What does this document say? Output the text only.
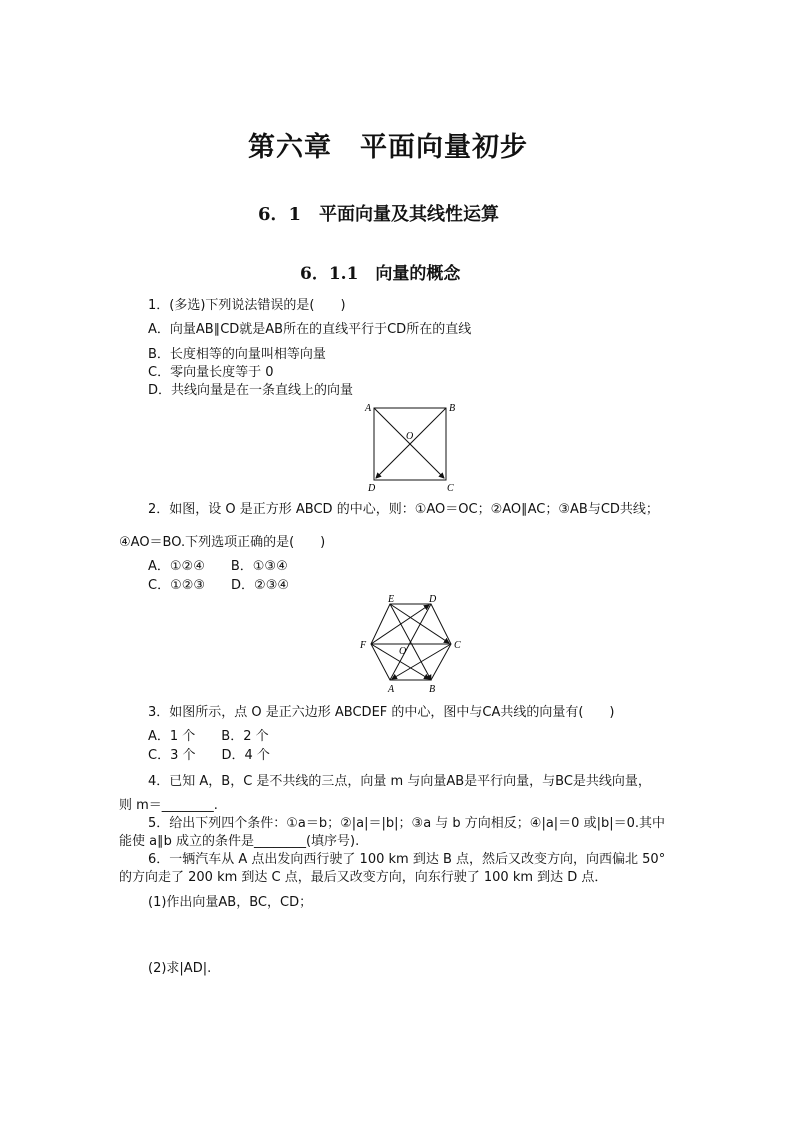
第六章　平面向量初步
6．1　平面向量及其线性运算
6．1.1　向量的概念
1．(多选)下列说法错误的是(　　)
A．向量AB∥CD就是AB所在的直线平行于CD所在的直线
B．长度相等的向量叫相等向量
C．零向量长度等于 0
D．共线向量是在一条直线上的向量
A	B
C
D
O
2．如图，设 O 是正方形 ABCD 的中心，则：①AO＝OC；②AO∥AC；③AB与CD共线；
④AO＝BO.下列选项正确的是(　　)
A．①②④　　B．①③④
C．①②③　　D．②③④
A	B
C
D
E
F
O
3．如图所示，点 O 是正六边形 ABCDEF 的中心，图中与CA共线的向量有(　　)
A．1 个　　B．2 个
C．3 个　　D．4 个
4．已知 A，B，C 是不共线的三点，向量 m 与向量AB是平行向量，与BC是共线向量，
则 m＝________.
5．给出下列四个条件：①a＝b；②|a|＝|b|；③a 与 b 方向相反；④|a|＝0 或|b|＝0.其中
能使 a∥b 成立的条件是________(填序号).
6．一辆汽车从 A 点出发向西行驶了 100 km 到达 B 点，然后又改变方向，向西偏北 50°
的方向走了 200 km 到达 C 点，最后又改变方向，向东行驶了 100 km 到达 D 点．
(1)作出向量AB，BC，CD；
(2)求|AD|.
